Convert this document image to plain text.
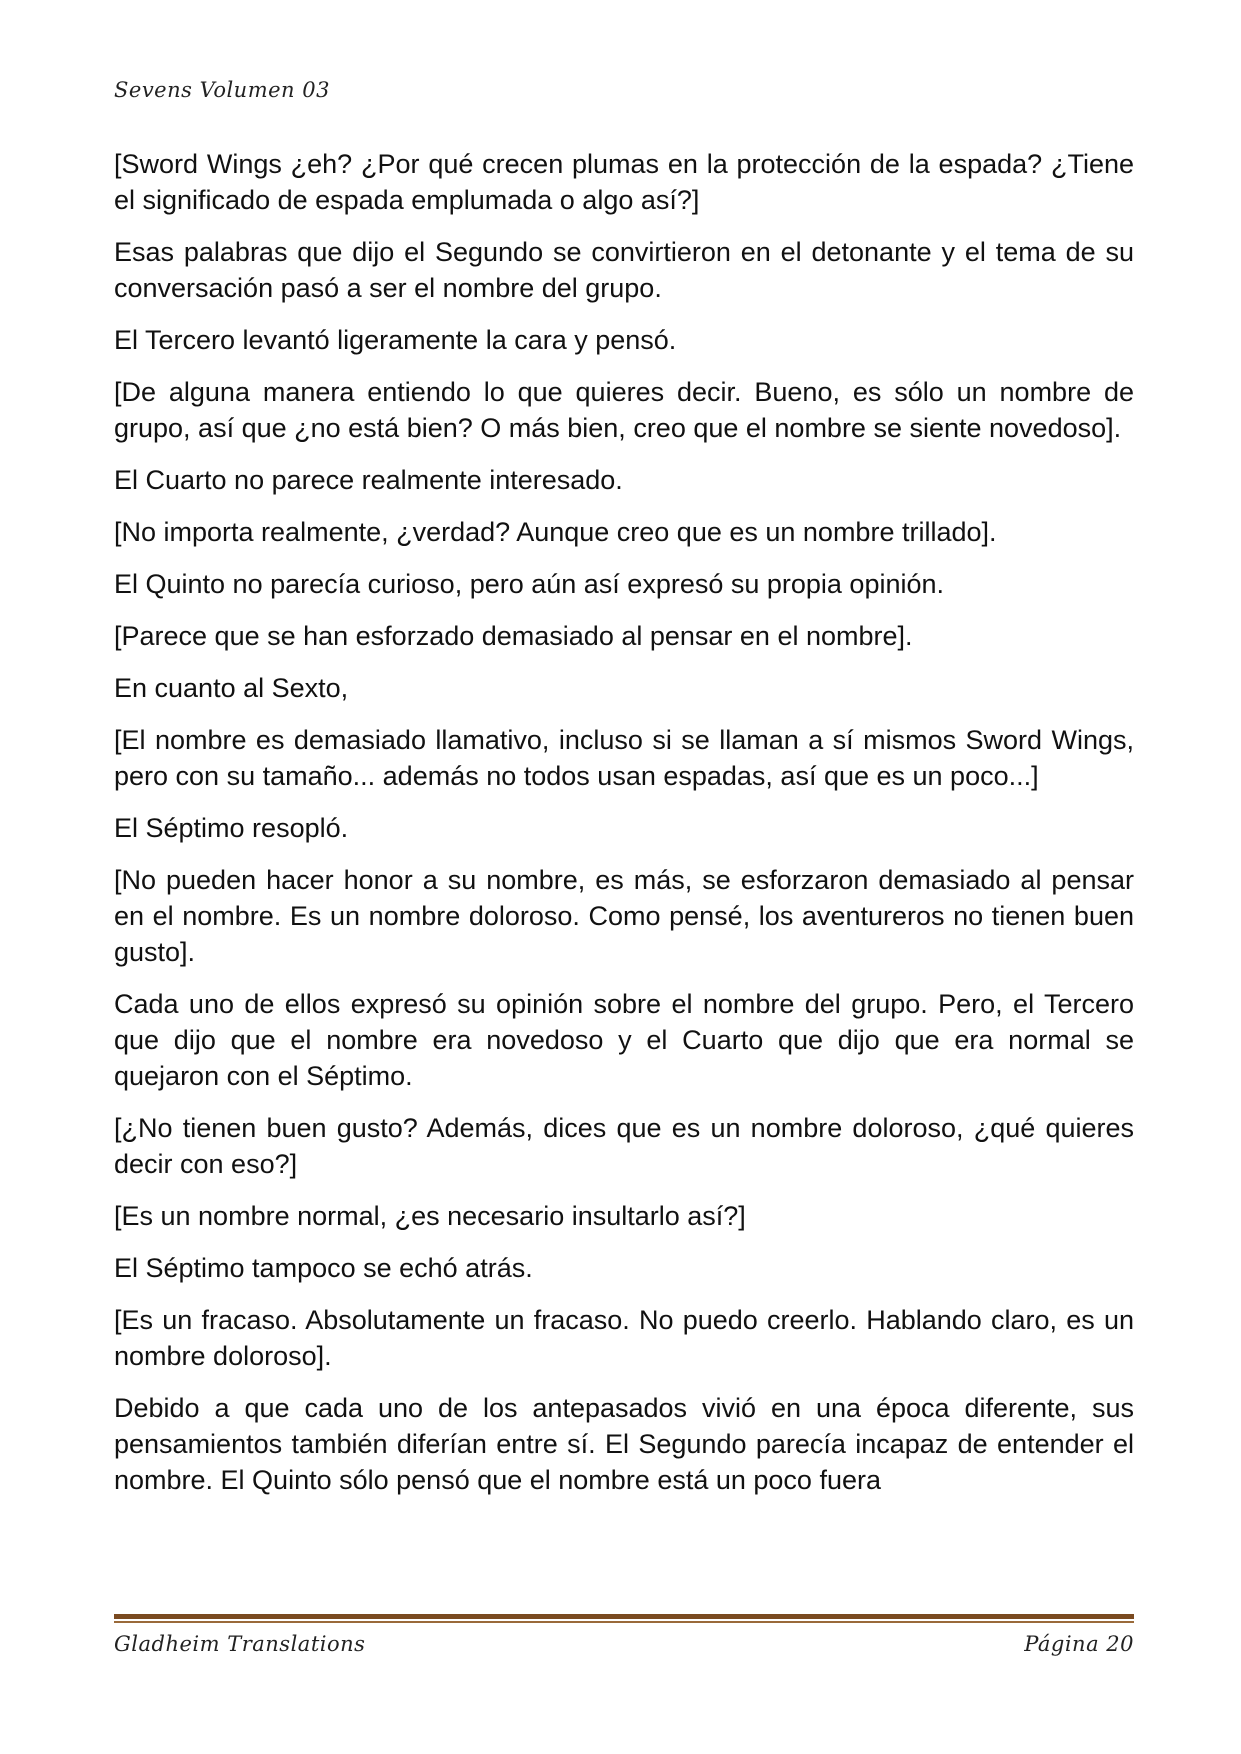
Sevens Volumen 03

[Sword Wings ¿eh? ¿Por qué crecen plumas en la protección de la espada? ¿Tiene el significado de espada emplumada o algo así?]

Esas palabras que dijo el Segundo se convirtieron en el detonante y el tema de su conversación pasó a ser el nombre del grupo.

El Tercero levantó ligeramente la cara y pensó.

[De alguna manera entiendo lo que quieres decir. Bueno, es sólo un nombre de grupo, así que ¿no está bien? O más bien, creo que el nombre se siente novedoso].

El Cuarto no parece realmente interesado.

[No importa realmente, ¿verdad? Aunque creo que es un nombre trillado].

El Quinto no parecía curioso, pero aún así expresó su propia opinión.

[Parece que se han esforzado demasiado al pensar en el nombre].

En cuanto al Sexto,

[El nombre es demasiado llamativo, incluso si se llaman a sí mismos Sword Wings, pero con su tamaño... además no todos usan espadas, así que es un poco...]

El Séptimo resopló.

[No pueden hacer honor a su nombre, es más, se esforzaron demasiado al pensar en el nombre. Es un nombre doloroso. Como pensé, los aventureros no tienen buen gusto].

Cada uno de ellos expresó su opinión sobre el nombre del grupo. Pero, el Tercero que dijo que el nombre era novedoso y el Cuarto que dijo que era normal se quejaron con el Séptimo.

[¿No tienen buen gusto? Además, dices que es un nombre doloroso, ¿qué quieres decir con eso?]

[Es un nombre normal, ¿es necesario insultarlo así?]

El Séptimo tampoco se echó atrás.

[Es un fracaso. Absolutamente un fracaso. No puedo creerlo. Hablando claro, es un nombre doloroso].

Debido a que cada uno de los antepasados vivió en una época diferente, sus pensamientos también diferían entre sí. El Segundo parecía incapaz de entender el nombre. El Quinto sólo pensó que el nombre está un poco fuera

Gladheim Translations	Página 20
